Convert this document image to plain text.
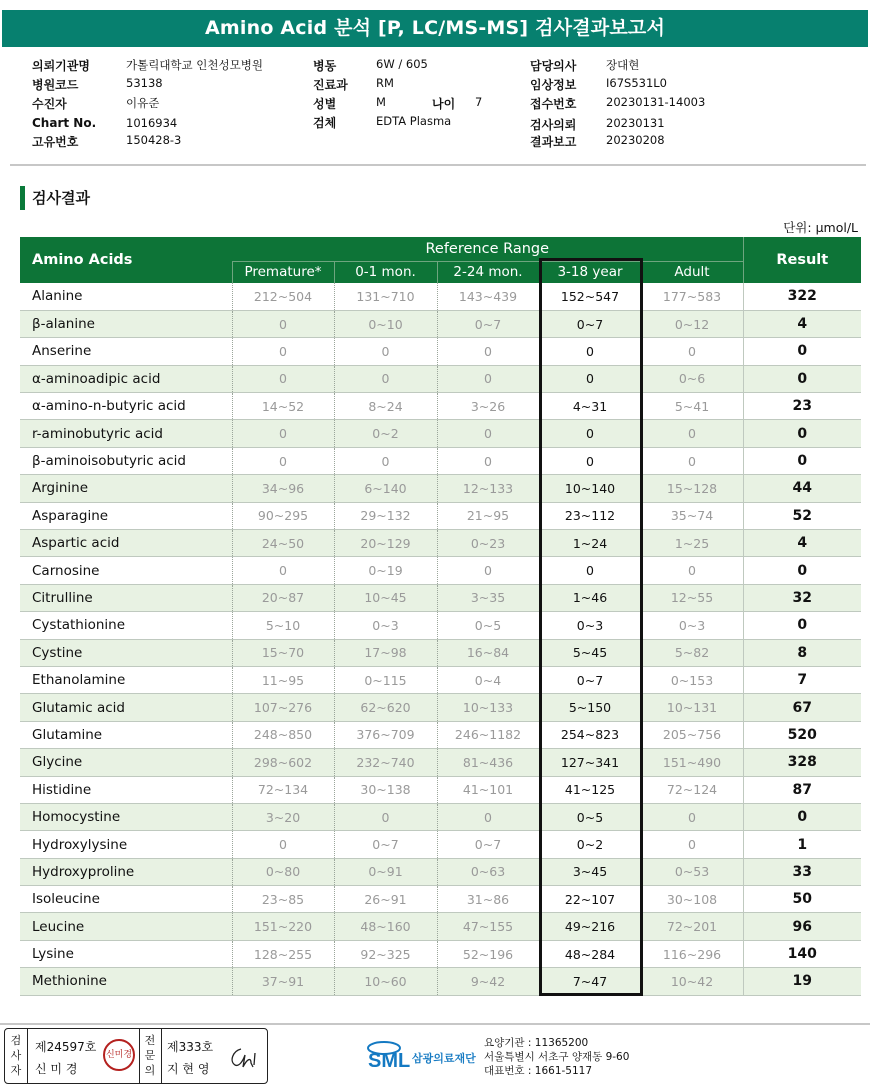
Amino Acid 분석 [P, LC/MS-MS] 검사결과보고서
의뢰기관명	가톨릭대학교 인천성모병원
병원코드	53138
수진자	이유준
Chart No.	1016934
고유번호	150428-3
병동	6W / 605
진료과 RM
성별	M	나이 7
검체	EDTA Plasma
담당의사	장대현
임상정보	I67S531L0
접수번호	20230131-14003
검사의뢰	20230131
결과보고	20230208
검사결과
단위: μmol/L
Amino Acids	Reference Range					Result
	Premature*	0-1 mon.	2-24 mon.	3-18 year	Adult	
Alanine	212~504	131~710	143~439	152~547	177~583	322
β-alanine	0	0~10	0~7	0~7	0~12	4
Anserine	0	0	0	0	0	0
α-aminoadipic acid	0	0	0	0	0~6	0
α-amino-n-butyric acid	14~52	8~24	3~26	4~31	5~41	23
r-aminobutyric acid	0	0~2	0	0	0	0
β-aminoisobutyric acid	0	0	0	0	0	0
Arginine	34~96	6~140	12~133	10~140	15~128	44
Asparagine	90~295	29~132	21~95	23~112	35~74	52
Aspartic acid	24~50	20~129	0~23	1~24	1~25	4
Carnosine	0	0~19	0	0	0	0
Citrulline	20~87	10~45	3~35	1~46	12~55	32
Cystathionine	5~10	0~3	0~5	0~3	0~3	0
Cystine	15~70	17~98	16~84	5~45	5~82	8
Ethanolamine	11~95	0~115	0~4	0~7	0~153	7
Glutamic acid	107~276	62~620	10~133	5~150	10~131	67
Glutamine	248~850	376~709	246~1182	254~823	205~756	520
Glycine	298~602	232~740	81~436	127~341	151~490	328
Histidine	72~134	30~138	41~101	41~125	72~124	87
Homocystine	3~20	0	0	0~5	0	0
Hydroxylysine	0	0~7	0~7	0~2	0	1
Hydroxyproline	0~80	0~91	0~63	3~45	0~53	33
Isoleucine	23~85	26~91	31~86	22~107	30~108	50
Leucine	151~220	48~160	47~155	49~216	72~201	96
Lysine	128~255	92~325	52~196	48~284	116~296	140
Methionine	37~91	10~60	9~42	7~47	10~42	19
검
사
자
제24597호
신 미 경
신미경
전
문
의
제333호
지 현 영	SML 삼광의료재단
요양기관 : 11365200
서울특별시 서초구 양재동 9-60
대표번호 : 1661-5117
